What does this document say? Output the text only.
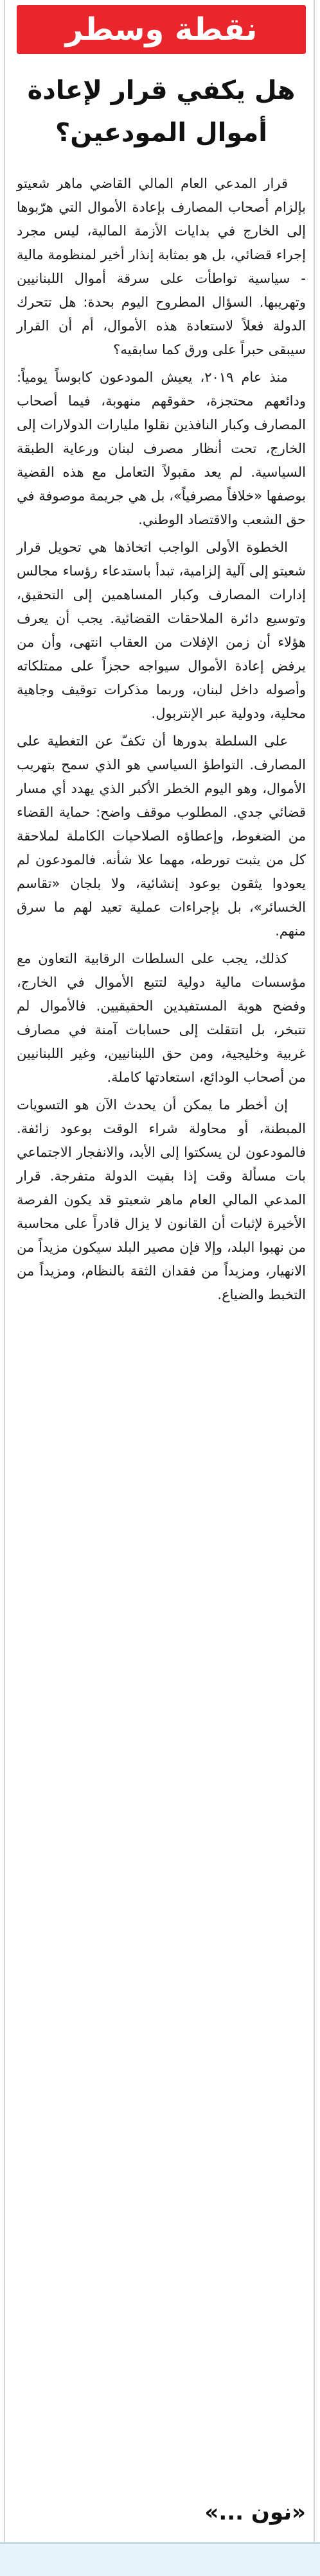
نقطة وسطر
هل يكفي قرار لإعادة أموال المودعين؟

قرار المدعي العام المالي القاضي ماهر شعيتو بإلزام أصحاب المصارف بإعادة الأموال التي هرّبوها إلى الخارج في بدايات الأزمة المالية، ليس مجرد إجراء قضائي، بل هو بمثابة إنذار أخير لمنظومة مالية - سياسية تواطأت على سرقة أموال اللبنانيين وتهريبها. السؤال المطروح اليوم بحدة: هل تتحرك الدولة فعلاً لاستعادة هذه الأموال، أم أن القرار سيبقى حبراً على ورق كما سابقيه؟

منذ عام ٢٠١٩، يعيش المودعون كابوساً يومياً: ودائعهم محتجزة، حقوقهم منهوبة، فيما أصحاب المصارف وكبار النافذين نقلوا مليارات الدولارات إلى الخارج، تحت أنظار مصرف لبنان ورعاية الطبقة السياسية. لم يعد مقبولاً التعامل مع هذه القضية بوصفها «خلافاً مصرفياً»، بل هي جريمة موصوفة في حق الشعب والاقتصاد الوطني.

الخطوة الأولى الواجب اتخاذها هي تحويل قرار شعيتو إلى آلية إلزامية، تبدأ باستدعاء رؤساء مجالس إدارات المصارف وكبار المساهمين إلى التحقيق، وتوسيع دائرة الملاحقات القضائية. يجب أن يعرف هؤلاء أن زمن الإفلات من العقاب انتهى، وأن من يرفض إعادة الأموال سيواجه حجزاً على ممتلكاته وأصوله داخل لبنان، وربما مذكرات توقيف وجاهية محلية، ودولية عبر الإنتربول.

على السلطة بدورها أن تكفّ عن التغطية على المصارف. التواطؤ السياسي هو الذي سمح بتهريب الأموال، وهو اليوم الخطر الأكبر الذي يهدد أي مسار قضائي جدي. المطلوب موقف واضح: حماية القضاء من الضغوط، وإعطاؤه الصلاحيات الكاملة لملاحقة كل من يثبت تورطه، مهما علا شأنه. فالمودعون لم يعودوا يثقون بوعود إنشائية، ولا بلجان «تقاسم الخسائر»، بل بإجراءات عملية تعيد لهم ما سرق منهم.

كذلك، يجب على السلطات الرقابية التعاون مع مؤسسات مالية دولية لتتبع الأموال في الخارج، وفضح هوية المستفيدين الحقيقيين. فالأموال لم تتبخر، بل انتقلت إلى حسابات آمنة في مصارف غربية وخليجية، ومن حق اللبنانيين، وغير اللبنانيين من أصحاب الودائع، استعادتها كاملة.

إن أخطر ما يمكن أن يحدث الآن هو التسويات المبطنة، أو محاولة شراء الوقت بوعود زائفة. فالمودعون لن يسكتوا إلى الأبد، والانفجار الاجتماعي بات مسألة وقت إذا بقيت الدولة متفرجة. قرار المدعي المالي العام ماهر شعيتو قد يكون الفرصة الأخيرة لإثبات أن القانون لا يزال قادراً على محاسبة من نهبوا البلد، وإلا فإن مصير البلد سيكون مزيداً من الانهيار، ومزيداً من فقدان الثقة بالنظام، ومزيداً من التخبط والضياع.

«نون ...»
